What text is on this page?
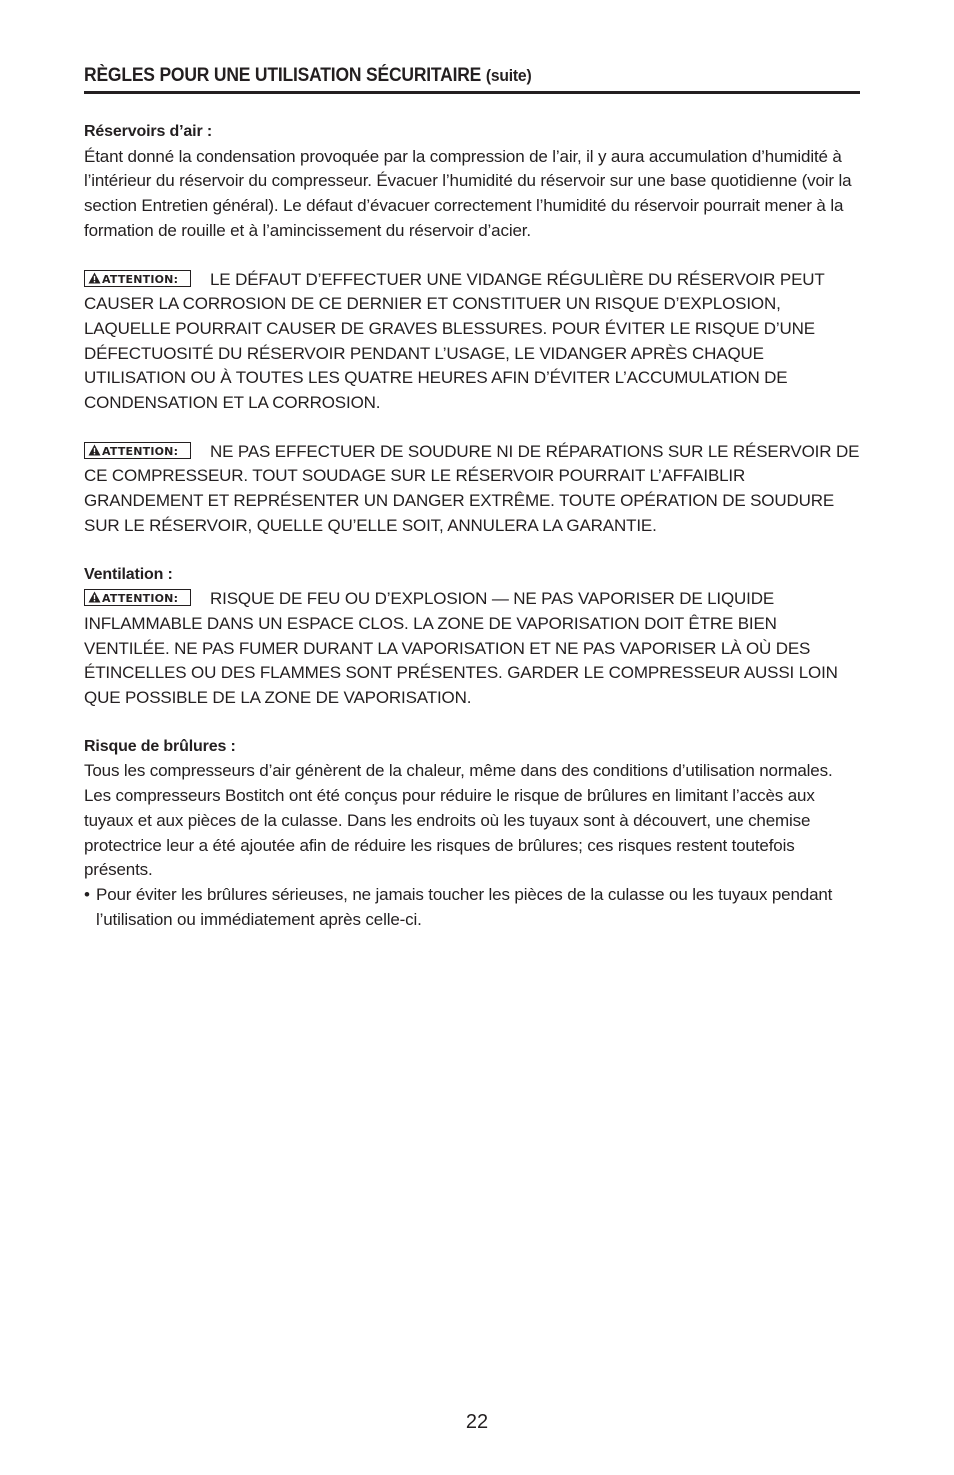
RÈGLES POUR UNE UTILISATION SÉCURITAIRE (suite)
Réservoirs d’air :

Étant donné la condensation provoquée par la compression de l’air, il y aura accumulation d’humidité à l’intérieur du réservoir du compresseur. Évacuer l’humidité du réservoir sur une base quotidienne (voir la section Entretien général). Le défaut d’évacuer correctement l’humidité du réservoir pourrait mener à la formation de rouille et à l’amincissement du réservoir d’acier.

ATTENTION: LE DÉFAUT D’EFFECTUER UNE VIDANGE RÉGULIÈRE DU RÉSERVOIR PEUT CAUSER LA CORROSION DE CE DERNIER ET CONSTITUER UN RISQUE D’EXPLOSION, LAQUELLE POURRAIT CAUSER DE GRAVES BLESSURES. POUR ÉVITER LE RISQUE D’UNE DÉFECTUOSITÉ DU RÉSERVOIR PENDANT L’USAGE, LE VIDANGER APRÈS CHAQUE UTILISATION OU À TOUTES LES QUATRE HEURES AFIN D’ÉVITER L’ACCUMULATION DE CONDENSATION ET LA CORROSION.

ATTENTION: NE PAS EFFECTUER DE SOUDURE NI DE RÉPARATIONS SUR LE RÉSERVOIR DE CE COMPRESSEUR. TOUT SOUDAGE SUR LE RÉSERVOIR POURRAIT L’AFFAIBLIR GRANDEMENT ET REPRÉSENTER UN DANGER EXTRÊME. TOUTE OPÉRATION DE SOUDURE SUR LE RÉSERVOIR, QUELLE QU’ELLE SOIT, ANNULERA LA GARANTIE.

Ventilation :

ATTENTION: RISQUE DE FEU OU D’EXPLOSION — NE PAS VAPORISER DE LIQUIDE INFLAMMABLE DANS UN ESPACE CLOS. LA ZONE DE VAPORISATION DOIT ÊTRE BIEN VENTILÉE. NE PAS FUMER DURANT LA VAPORISATION ET NE PAS VAPORISER LÀ OÙ DES ÉTINCELLES OU DES FLAMMES SONT PRÉSENTES. GARDER LE COMPRESSEUR AUSSI LOIN QUE POSSIBLE DE LA ZONE DE VAPORISATION.

Risque de brûlures :

Tous les compresseurs d’air génèrent de la chaleur, même dans des conditions d’utilisation normales. Les compresseurs Bostitch ont été conçus pour réduire le risque de brûlures en limitant l’accès aux tuyaux et aux pièces de la culasse. Dans les endroits où les tuyaux sont à découvert, une chemise protectrice leur a été ajoutée afin de réduire les risques de brûlures; ces risques restent toutefois présents.

• Pour éviter les brûlures sérieuses, ne jamais toucher les pièces de la culasse ou les tuyaux pendant l’utilisation ou immédiatement après celle-ci.
22
